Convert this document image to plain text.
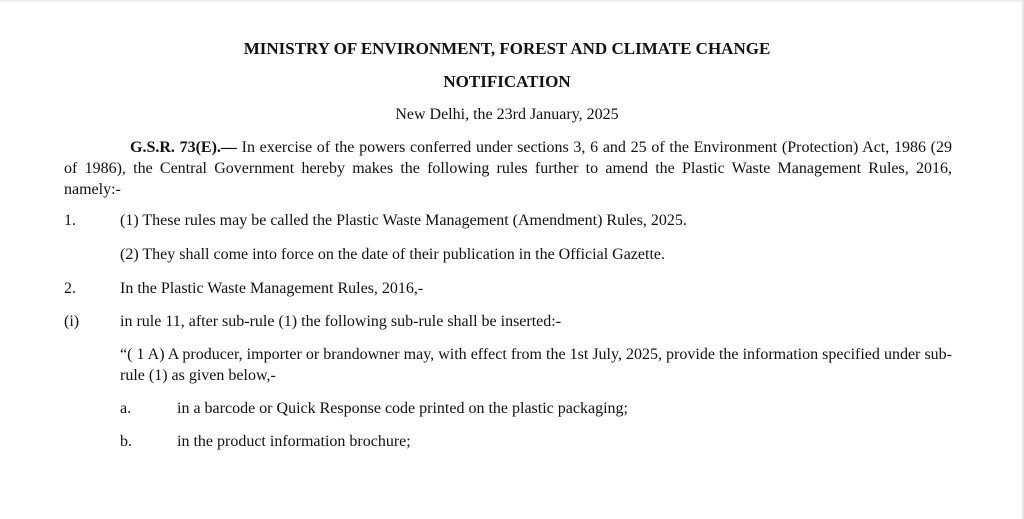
MINISTRY OF ENVIRONMENT, FOREST AND CLIMATE CHANGE
NOTIFICATION
New Delhi, the 23rd January, 2025
G.S.R. 73(E).— In exercise of the powers conferred under sections 3, 6 and 25 of the Environment (Protection) Act, 1986 (29 of 1986), the Central Government hereby makes the following rules further to amend the Plastic Waste Management Rules, 2016, namely:-
1.	(1) These rules may be called the Plastic Waste Management (Amendment) Rules, 2025.
(2) They shall come into force on the date of their publication in the Official Gazette.
2.	In the Plastic Waste Management Rules, 2016,-
(i)	in rule 11, after sub-rule (1) the following sub-rule shall be inserted:-
“( 1 A) A producer, importer or brandowner may, with effect from the 1st July, 2025, provide the information specified under sub-rule (1) as given below,-
a.	in a barcode or Quick Response code printed on the plastic packaging;
b.	in the product information brochure;
